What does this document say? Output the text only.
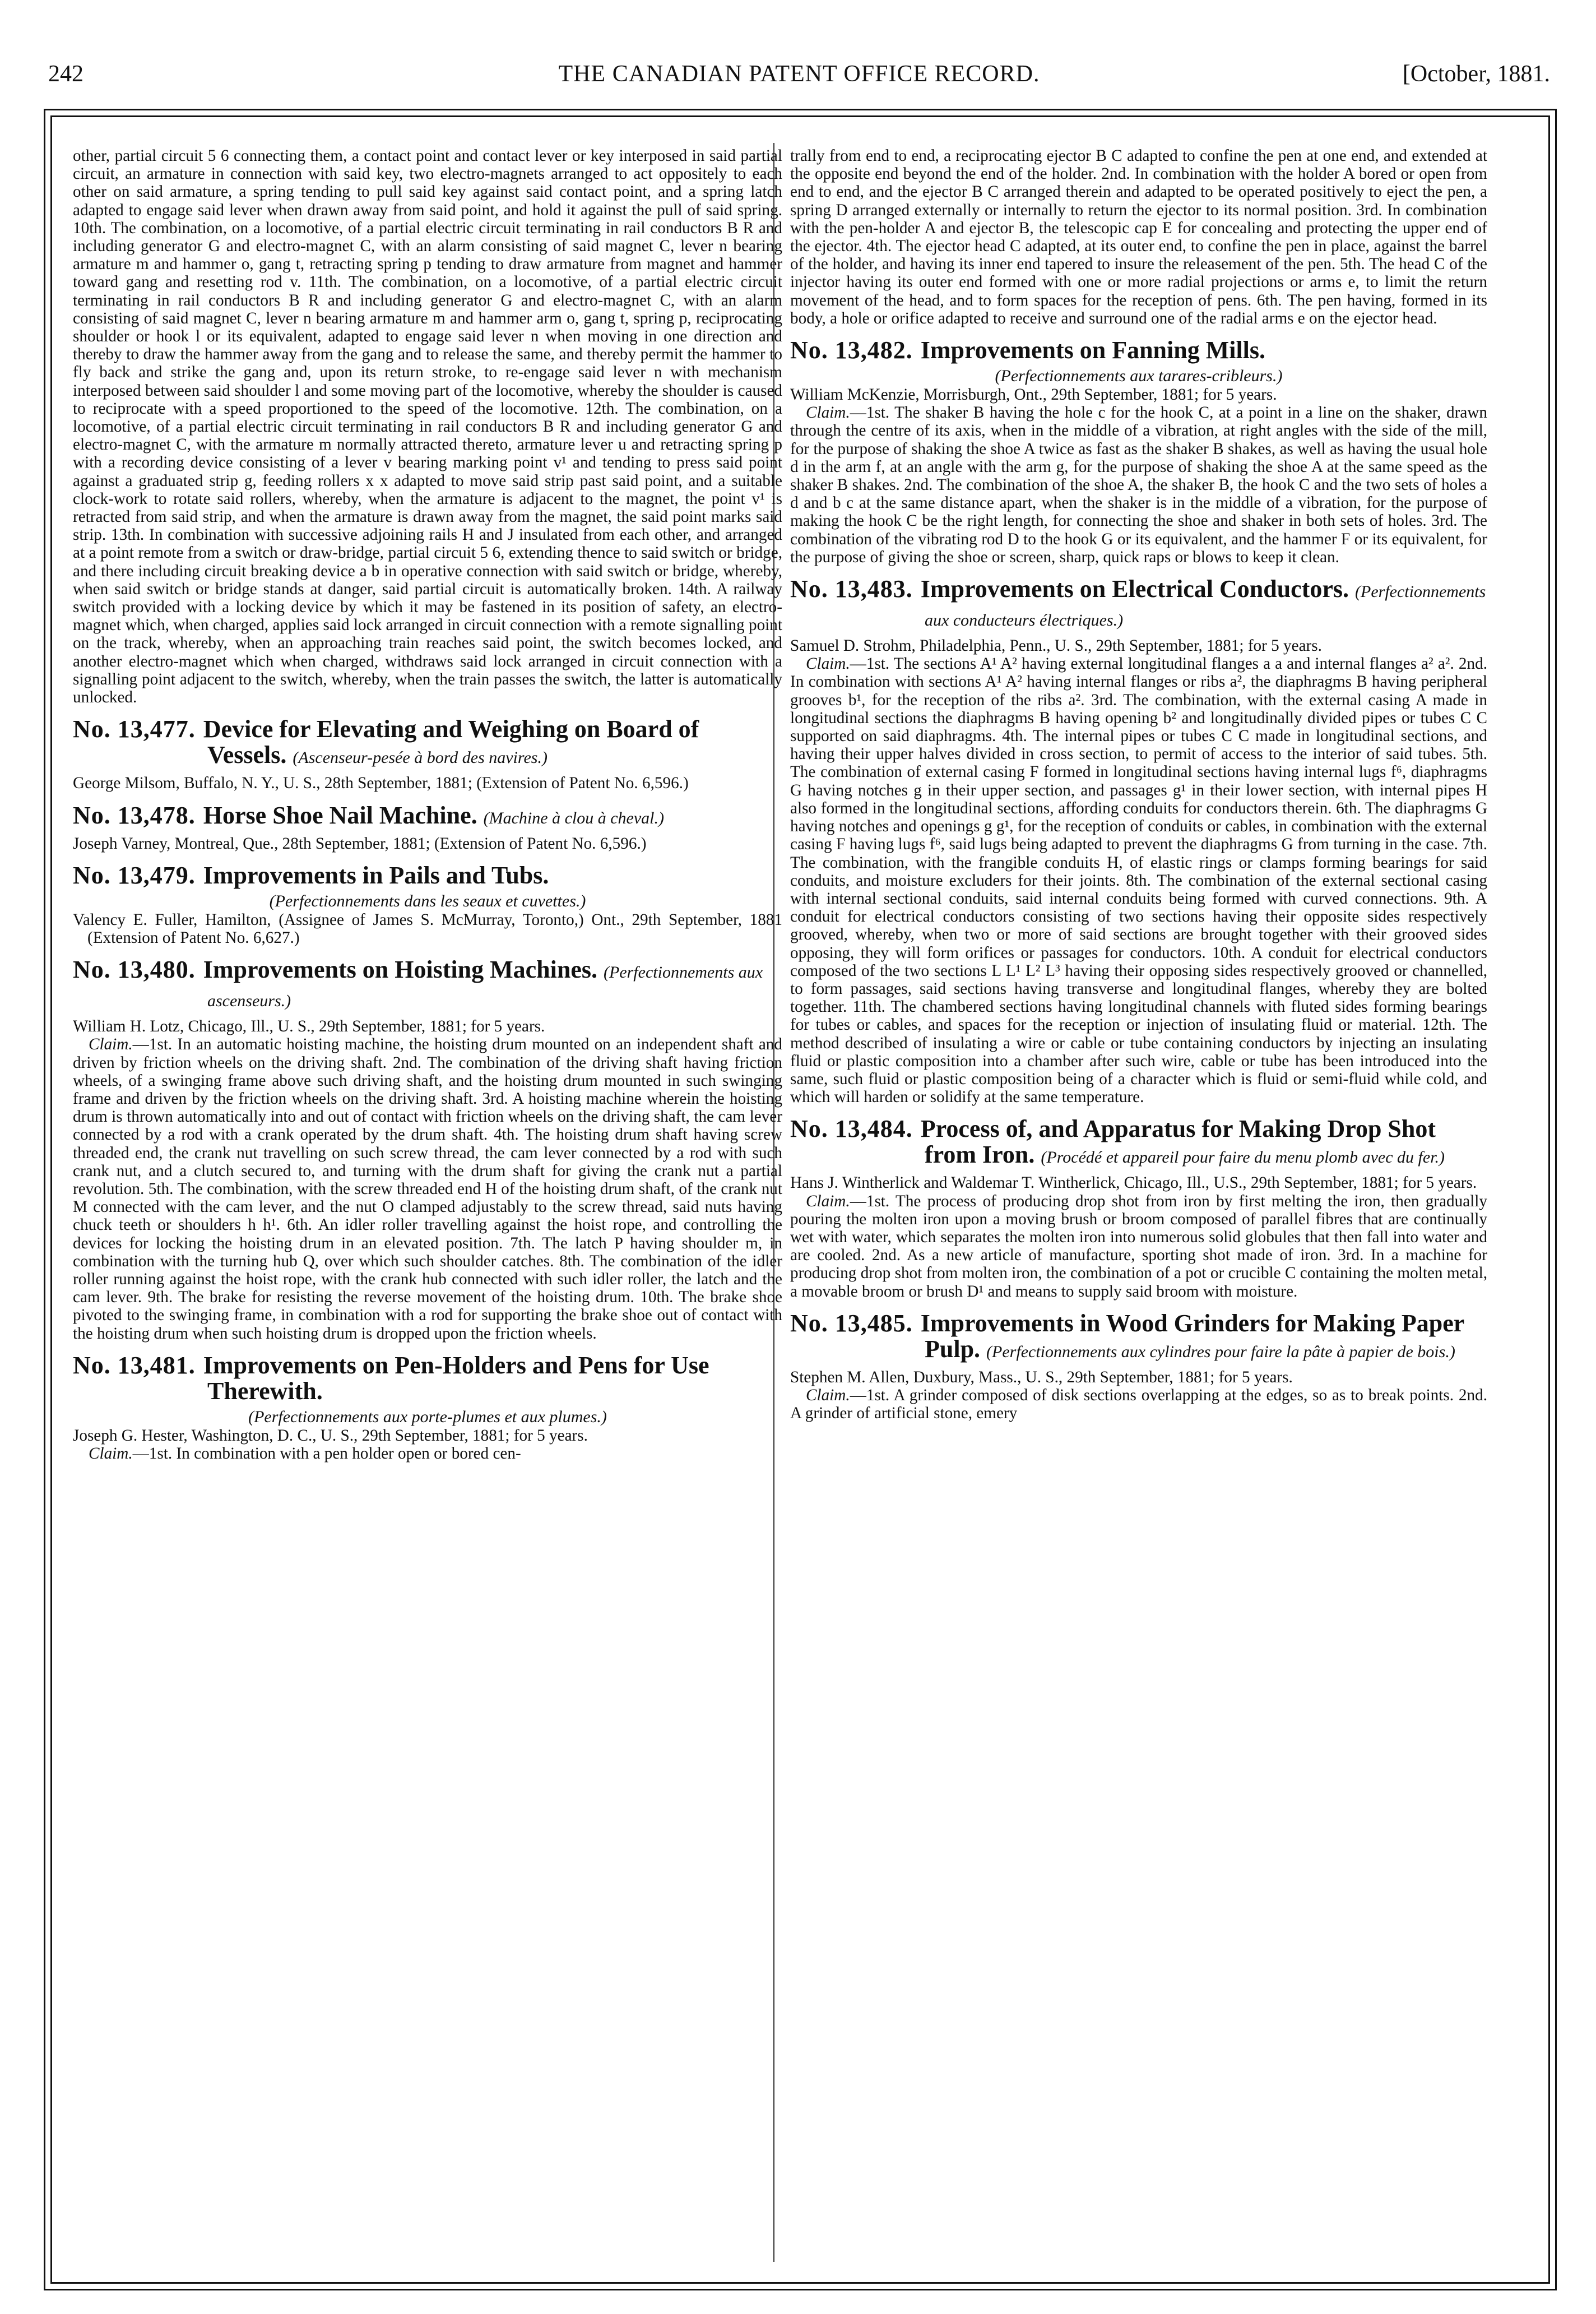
242	THE CANADIAN PATENT OFFICE RECORD.	[October, 1881.

other, partial circuit 5 6 connecting them, a contact point and contact lever or key interposed in said partial circuit, an armature in connection with said key, two electro-magnets arranged to act oppositely to each other on said armature, a spring tending to pull said key against said contact point, and a spring latch adapted to engage said lever when drawn away from said point, and hold it against the pull of said spring. 10th. The combination, on a locomotive, of a partial electric circuit terminating in rail conductors B R and including generator G and electro-magnet C, with an alarm consisting of said magnet C, lever n bearing armature m and hammer o, gang t, retracting spring p tending to draw armature from magnet and hammer toward gang and resetting rod v. 11th. The combination, on a locomotive, of a partial electric circuit terminating in rail conductors B R and including generator G and electro-magnet C, with an alarm consisting of said magnet C, lever n bearing armature m and hammer arm o, gang t, spring p, reciprocating shoulder or hook l or its equivalent, adapted to engage said lever n when moving in one direction and thereby to draw the hammer away from the gang and to release the same, and thereby permit the hammer to fly back and strike the gang and, upon its return stroke, to re-engage said lever n with mechanism interposed between said shoulder l and some moving part of the locomotive, whereby the shoulder is caused to reciprocate with a speed proportioned to the speed of the locomotive. 12th. The combination, on a locomotive, of a partial electric circuit terminating in rail conductors B R and including generator G and electro-magnet C, with the armature m normally attracted thereto, armature lever u and retracting spring p with a recording device consisting of a lever v bearing marking point v¹ and tending to press said point against a graduated strip g, feeding rollers x x adapted to move said strip past said point, and a suitable clock-work to rotate said rollers, whereby, when the armature is adjacent to the magnet, the point v¹ is retracted from said strip, and when the armature is drawn away from the magnet, the said point marks said strip. 13th. In combination with successive adjoining rails H and J insulated from each other, and arranged at a point remote from a switch or draw-bridge, partial circuit 5 6, extending thence to said switch or bridge, and there including circuit breaking device a b in operative connection with said switch or bridge, whereby, when said switch or bridge stands at danger, said partial circuit is automatically broken. 14th. A railway switch provided with a locking device by which it may be fastened in its position of safety, an electro-magnet which, when charged, applies said lock arranged in circuit connection with a remote signalling point on the track, whereby, when an approaching train reaches said point, the switch becomes locked, and another electro-magnet which when charged, withdraws said lock arranged in circuit connection with a signalling point adjacent to the switch, whereby, when the train passes the switch, the latter is automatically unlocked.

No. 13,477. Device for Elevating and Weighing on Board of Vessels. (Ascenseur-pesée à bord des navires.)

George Milsom, Buffalo, N. Y., U. S., 28th September, 1881; (Extension of Patent No. 6,596.)

No. 13,478. Horse Shoe Nail Machine. (Machine à clou à cheval.)

Joseph Varney, Montreal, Que., 28th September, 1881; (Extension of Patent No. 6,596.)

No. 13,479. Improvements in Pails and Tubs.

(Perfectionnements dans les seaux et cuvettes.)

Valency E. Fuller, Hamilton, (Assignee of James S. McMurray, Toronto,) Ont., 29th September, 1881 (Extension of Patent No. 6,627.)

No. 13,480. Improvements on Hoisting Machines. (Perfectionnements aux ascenseurs.)

William H. Lotz, Chicago, Ill., U. S., 29th September, 1881; for 5 years.

Claim.—1st. In an automatic hoisting machine, the hoisting drum mounted on an independent shaft and driven by friction wheels on the driving shaft. 2nd. The combination of the driving shaft having friction wheels, of a swinging frame above such driving shaft, and the hoisting drum mounted in such swinging frame and driven by the friction wheels on the driving shaft. 3rd. A hoisting machine wherein the hoisting drum is thrown automatically into and out of contact with friction wheels on the driving shaft, the cam lever connected by a rod with a crank operated by the drum shaft. 4th. The hoisting drum shaft having screw threaded end, the crank nut travelling on such screw thread, the cam lever connected by a rod with such crank nut, and a clutch secured to, and turning with the drum shaft for giving the crank nut a partial revolution. 5th. The combination, with the screw threaded end H of the hoisting drum shaft, of the crank nut M connected with the cam lever, and the nut O clamped adjustably to the screw thread, said nuts having chuck teeth or shoulders h h¹. 6th. An idler roller travelling against the hoist rope, and controlling the devices for locking the hoisting drum in an elevated position. 7th. The latch P having shoulder m, in combination with the turning hub Q, over which such shoulder catches. 8th. The combination of the idler roller running against the hoist rope, with the crank hub connected with such idler roller, the latch and the cam lever. 9th. The brake for resisting the reverse movement of the hoisting drum. 10th. The brake shoe pivoted to the swinging frame, in combination with a rod for supporting the brake shoe out of contact with the hoisting drum when such hoisting drum is dropped upon the friction wheels.

No. 13,481. Improvements on Pen-Holders and Pens for Use Therewith.

(Perfectionnements aux porte-plumes et aux plumes.)

Joseph G. Hester, Washington, D. C., U. S., 29th September, 1881; for 5 years.

Claim.—1st. In combination with a pen holder open or bored cen-

trally from end to end, a reciprocating ejector B C adapted to confine the pen at one end, and extended at the opposite end beyond the end of the holder. 2nd. In combination with the holder A bored or open from end to end, and the ejector B C arranged therein and adapted to be operated positively to eject the pen, a spring D arranged externally or internally to return the ejector to its normal position. 3rd. In combination with the pen-holder A and ejector B, the telescopic cap E for concealing and protecting the upper end of the ejector. 4th. The ejector head C adapted, at its outer end, to confine the pen in place, against the barrel of the holder, and having its inner end tapered to insure the releasement of the pen. 5th. The head C of the injector having its outer end formed with one or more radial projections or arms e, to limit the return movement of the head, and to form spaces for the reception of pens. 6th. The pen having, formed in its body, a hole or orifice adapted to receive and surround one of the radial arms e on the ejector head.

No. 13,482. Improvements on Fanning Mills.

(Perfectionnements aux tarares-cribleurs.)

William McKenzie, Morrisburgh, Ont., 29th September, 1881; for 5 years.

Claim.—1st. The shaker B having the hole c for the hook C, at a point in a line on the shaker, drawn through the centre of its axis, when in the middle of a vibration, at right angles with the side of the mill, for the purpose of shaking the shoe A twice as fast as the shaker B shakes, as well as having the usual hole d in the arm f, at an angle with the arm g, for the purpose of shaking the shoe A at the same speed as the shaker B shakes. 2nd. The combination of the shoe A, the shaker B, the hook C and the two sets of holes a d and b c at the same distance apart, when the shaker is in the middle of a vibration, for the purpose of making the hook C be the right length, for connecting the shoe and shaker in both sets of holes. 3rd. The combination of the vibrating rod D to the hook G or its equivalent, and the hammer F or its equivalent, for the purpose of giving the shoe or screen, sharp, quick raps or blows to keep it clean.

No. 13,483. Improvements on Electrical Conductors. (Perfectionnements aux conducteurs électriques.)

Samuel D. Strohm, Philadelphia, Penn., U. S., 29th September, 1881; for 5 years.

Claim.—1st. The sections A¹ A² having external longitudinal flanges a a and internal flanges a² a². 2nd. In combination with sections A¹ A² having internal flanges or ribs a², the diaphragms B having peripheral grooves b¹, for the reception of the ribs a². 3rd. The combination, with the external casing A made in longitudinal sections the diaphragms B having opening b² and longitudinally divided pipes or tubes C C supported on said diaphragms. 4th. The internal pipes or tubes C C made in longitudinal sections, and having their upper halves divided in cross section, to permit of access to the interior of said tubes. 5th. The combination of external casing F formed in longitudinal sections having internal lugs f⁶, diaphragms G having notches g in their upper section, and passages g¹ in their lower section, with internal pipes H also formed in the longitudinal sections, affording conduits for conductors therein. 6th. The diaphragms G having notches and openings g g¹, for the reception of conduits or cables, in combination with the external casing F having lugs f⁶, said lugs being adapted to prevent the diaphragms G from turning in the case. 7th. The combination, with the frangible conduits H, of elastic rings or clamps forming bearings for said conduits, and moisture excluders for their joints. 8th. The combination of the external sectional casing with internal sectional conduits, said internal conduits being formed with curved connections. 9th. A conduit for electrical conductors consisting of two sections having their opposite sides respectively grooved, whereby, when two or more of said sections are brought together with their grooved sides opposing, they will form orifices or passages for conductors. 10th. A conduit for electrical conductors composed of the two sections L L¹ L² L³ having their opposing sides respectively grooved or channelled, to form passages, said sections having transverse and longitudinal flanges, whereby they are bolted together. 11th. The chambered sections having longitudinal channels with fluted sides forming bearings for tubes or cables, and spaces for the reception or injection of insulating fluid or material. 12th. The method described of insulating a wire or cable or tube containing conductors by injecting an insulating fluid or plastic composition into a chamber after such wire, cable or tube has been introduced into the same, such fluid or plastic composition being of a character which is fluid or semi-fluid while cold, and which will harden or solidify at the same temperature.

No. 13,484. Process of, and Apparatus for Making Drop Shot from Iron. (Procédé et appareil pour faire du menu plomb avec du fer.)

Hans J. Wintherlick and Waldemar T. Wintherlick, Chicago, Ill., U.S., 29th September, 1881; for 5 years.

Claim.—1st. The process of producing drop shot from iron by first melting the iron, then gradually pouring the molten iron upon a moving brush or broom composed of parallel fibres that are continually wet with water, which separates the molten iron into numerous solid globules that then fall into water and are cooled. 2nd. As a new article of manufacture, sporting shot made of iron. 3rd. In a machine for producing drop shot from molten iron, the combination of a pot or crucible C containing the molten metal, a movable broom or brush D¹ and means to supply said broom with moisture.

No. 13,485. Improvements in Wood Grinders for Making Paper Pulp. (Perfectionnements aux cylindres pour faire la pâte à papier de bois.)

Stephen M. Allen, Duxbury, Mass., U. S., 29th September, 1881; for 5 years.

Claim.—1st. A grinder composed of disk sections overlapping at the edges, so as to break points. 2nd. A grinder of artificial stone, emery
